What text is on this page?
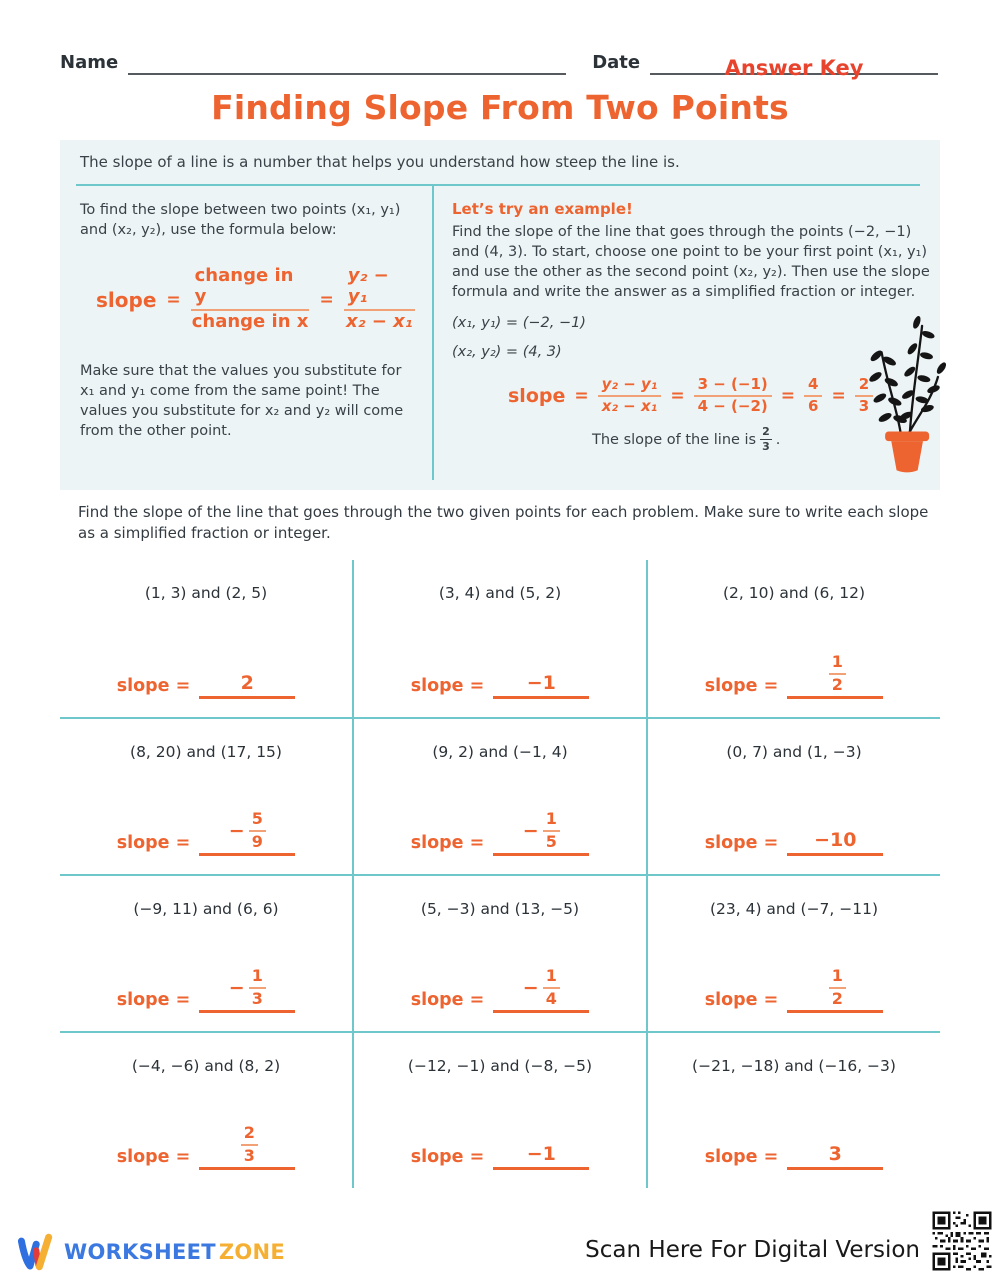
Name	Date	Answer Key
Finding Slope From Two Points
The slope of a line is a number that helps you understand how steep the line is.
To find the slope between two points (x₁, y₁) and (x₂, y₂), use the formula below:
slope = $\frac{\text{change in y}}{\text{change in x}} = \frac{\text{y₂ − y₁}}{\text{x₂ − x₁}}$
Make sure that the values you substitute for x₁ and y₁ come from the same point! The values you substitute for x₂ and y₂ will come from the other point.
Let’s try an example!
Find the slope of the line that goes through the points (−2, −1) and (4, 3). To start, choose one point to be your first point (x₁, y₁) and use the other as the second point (x₂, y₂). Then use the slope formula and write the answer as a simplified fraction or integer.
(x₁, y₁) = (−2, −1)
(x₂, y₂) = (4, 3)
slope = $\frac{\text{y₂ − y₁}}{\text{x₂ − x₁}} = \frac{3 - (-1)}{4 - (-2)} = \frac{4}{6} = \frac{2}{3}$
The slope of the line is $\frac{2}{3}$ .
Find the slope of the line that goes through the two given points for each problem. Make sure to write each slope as a simplified fraction or integer.
(1, 3) and (2, 5)
slope =	2
(3, 4) and (5, 2)
slope = −1
(2, 10) and (6, 12)
slope =	$\frac{1}{2}$
(8, 20) and (17, 15)
slope =
− $\frac{5}{9}$
(9, 2) and (−1, 4)
slope =
− $\frac{1}{5}$
(0, 7) and (1, −3)
slope = −10
(−9, 11) and (6, 6)
slope =
− $\frac{1}{3}$
(5, −3) and (13, −5)
slope =
− $\frac{1}{4}$
(23, 4) and (−7, −11)
slope =	$\frac{1}{2}$
(−4, −6) and (8, 2)
slope =	$\frac{2}{3}$
(−12, −1) and (−8, −5)
slope = −1
(−21, −18) and (−16, −3)
slope =	3
WORKSHEET ZONE	Scan Here For Digital Version
